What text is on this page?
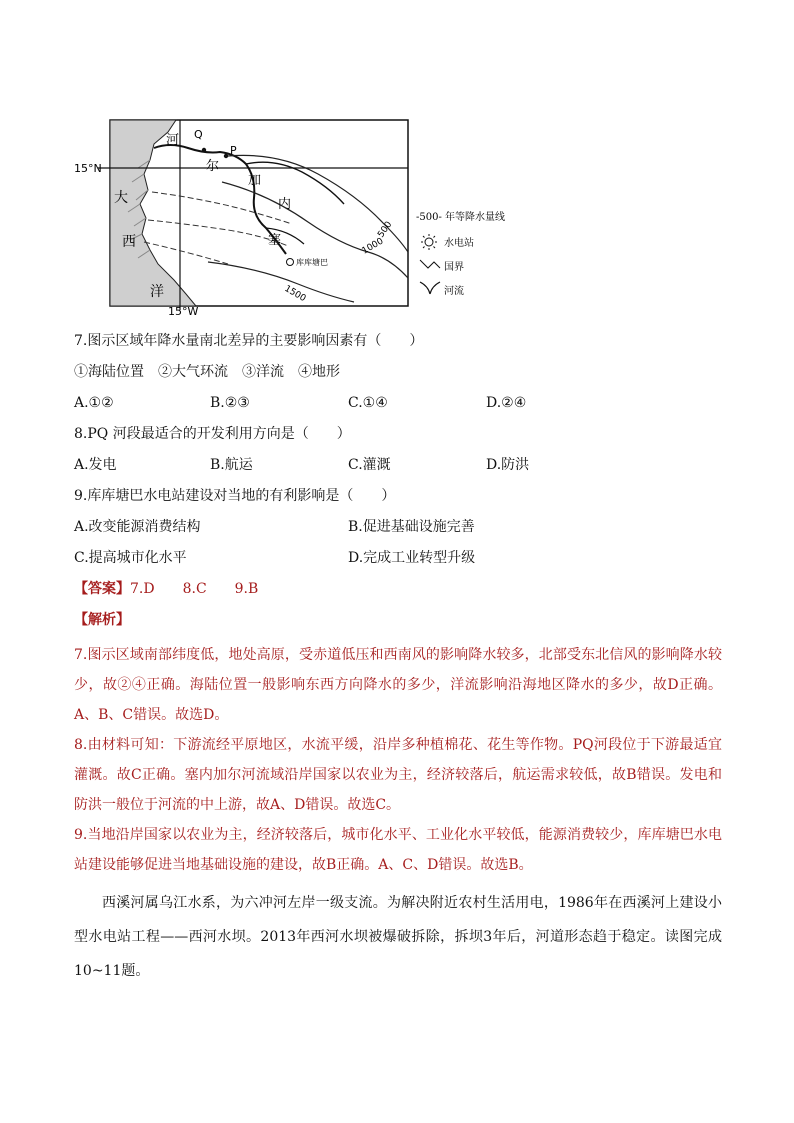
15°N
15°W
大
西
洋
河
尔
加
内
塞
Q
P
库库塘巴
500
1000
1500
-500- 年等降水量线
水电站
国界
河流
7.图示区域年降水量南北差异的主要影响因素有（　　）
①海陆位置　②大气环流　③洋流　④地形
A.①②	B.②③	C.①④	D.②④
8.PQ 河段最适合的开发利用方向是（　　）
A.发电	B.航运	C.灌溉	D.防洪
9.库库塘巴水电站建设对当地的有利影响是（　　）
A.改变能源消费结构	B.促进基础设施完善
C.提高城市化水平	D.完成工业转型升级
【答案】7.D　　8.C　　9.B
【解析】

7.图示区域南部纬度低，地处高原，受赤道低压和西南风的影响降水较多，北部受东北信风的影响降水较少，故②④正确。海陆位置一般影响东西方向降水的多少，洋流影响沿海地区降水的多少，故D正确。A、B、C错误。故选D。

8.由材料可知：下游流经平原地区，水流平缓，沿岸多种植棉花、花生等作物。PQ河段位于下游最适宜灌溉。故C正确。塞内加尔河流域沿岸国家以农业为主，经济较落后，航运需求较低，故B错误。发电和防洪一般位于河流的中上游，故A、D错误。故选C。

9.当地沿岸国家以农业为主，经济较落后，城市化水平、工业化水平较低，能源消费较少，库库塘巴水电站建设能够促进当地基础设施的建设，故B正确。A、C、D错误。故选B。

西溪河属乌江水系，为六冲河左岸一级支流。为解决附近农村生活用电，1986年在西溪河上建设小型水电站工程——西河水坝。2013年西河水坝被爆破拆除，拆坝3年后，河道形态趋于稳定。读图完成10~11题。
